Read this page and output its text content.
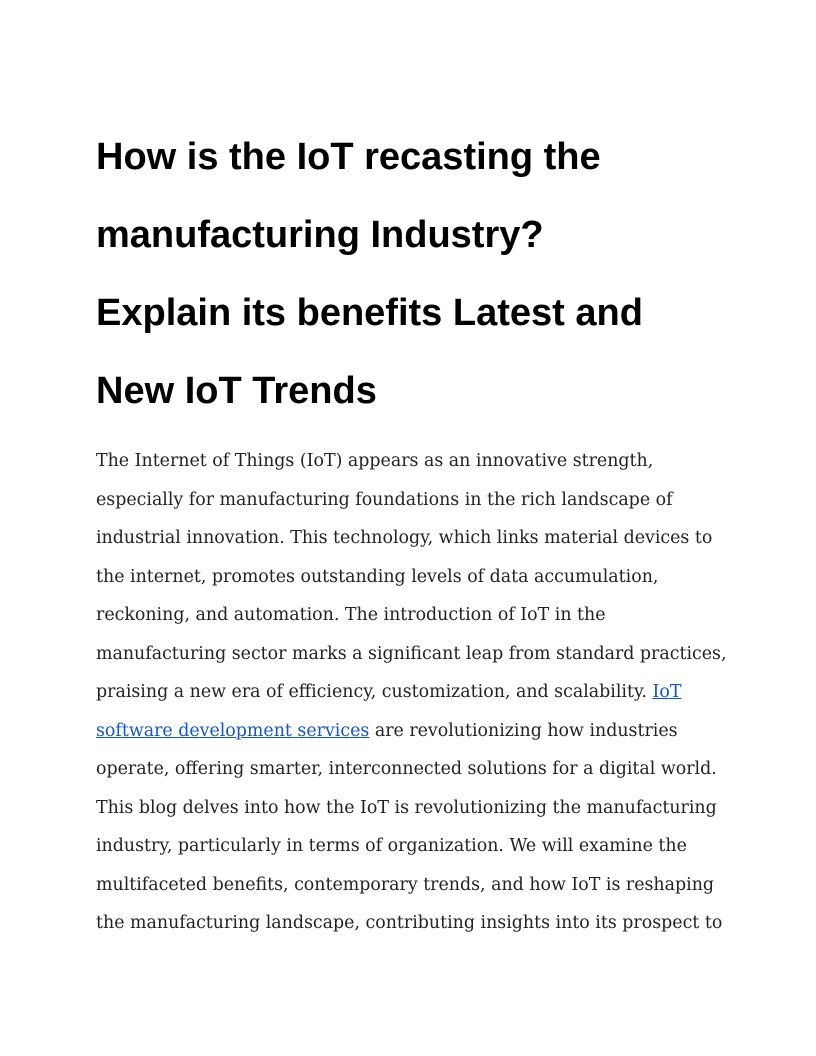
How is the IoT recasting the
manufacturing Industry?
Explain its benefits Latest and
New IoT Trends

The Internet of Things (IoT) appears as an innovative strength,
especially for manufacturing foundations in the rich landscape of
industrial innovation. This technology, which links material devices to
the internet, promotes outstanding levels of data accumulation,
reckoning, and automation. The introduction of IoT in the
manufacturing sector marks a significant leap from standard practices,
praising a new era of efficiency, customization, and scalability. IoT
software development services are revolutionizing how industries
operate, offering smarter, interconnected solutions for a digital world.
This blog delves into how the IoT is revolutionizing the manufacturing
industry, particularly in terms of organization. We will examine the
multifaceted benefits, contemporary trends, and how IoT is reshaping
the manufacturing landscape, contributing insights into its prospect to
